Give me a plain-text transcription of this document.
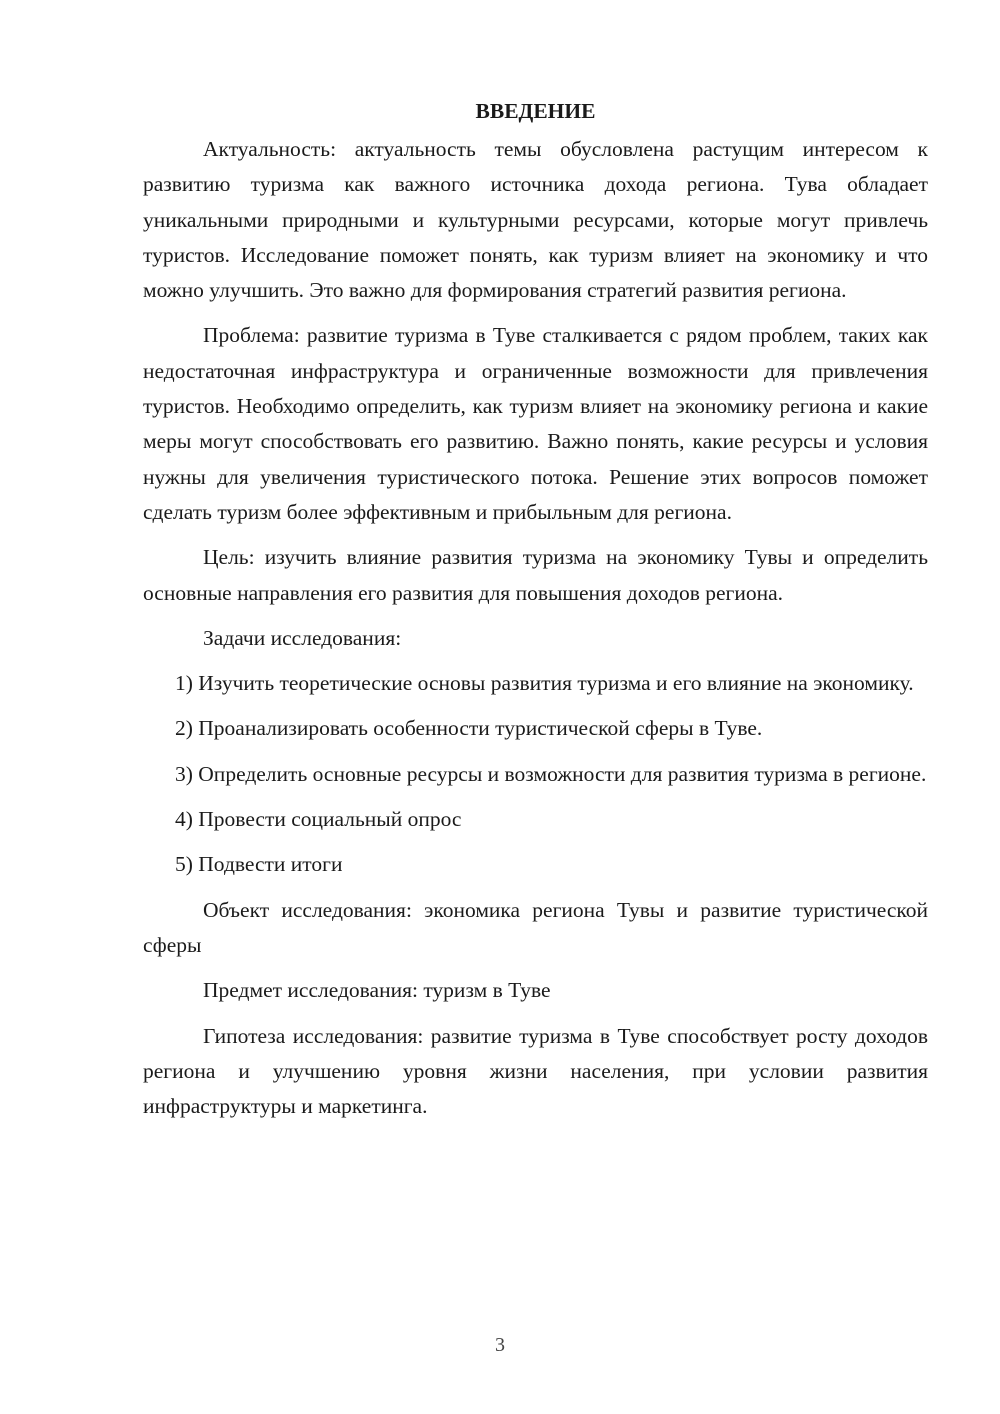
ВВЕДЕНИЕ

Актуальность: актуальность темы обусловлена растущим интересом к развитию туризма как важного источника дохода региона. Тува обладает уникальными природными и культурными ресурсами, которые могут привлечь туристов. Исследование поможет понять, как туризм влияет на экономику и что можно улучшить. Это важно для формирования стратегий развития региона.

Проблема: развитие туризма в Туве сталкивается с рядом проблем, таких как недостаточная инфраструктура и ограниченные возможности для привлечения туристов. Необходимо определить, как туризм влияет на экономику региона и какие меры могут способствовать его развитию. Важно понять, какие ресурсы и условия нужны для увеличения туристического потока. Решение этих вопросов поможет сделать туризм более эффективным и прибыльным для региона.

Цель: изучить влияние развития туризма на экономику Тувы и определить основные направления его развития для повышения доходов региона.

Задачи исследования:

1) Изучить теоретические основы развития туризма и его влияние на экономику.

2) Проанализировать особенности туристической сферы в Туве.

3) Определить основные ресурсы и возможности для развития туризма в регионе.

4) Провести социальный опрос

5) Подвести итоги

Объект исследования: экономика региона Тувы и развитие туристической сферы

Предмет исследования: туризм в Туве

Гипотеза исследования: развитие туризма в Туве способствует росту доходов региона и улучшению уровня жизни населения, при условии развития инфраструктуры и маркетинга.

3
